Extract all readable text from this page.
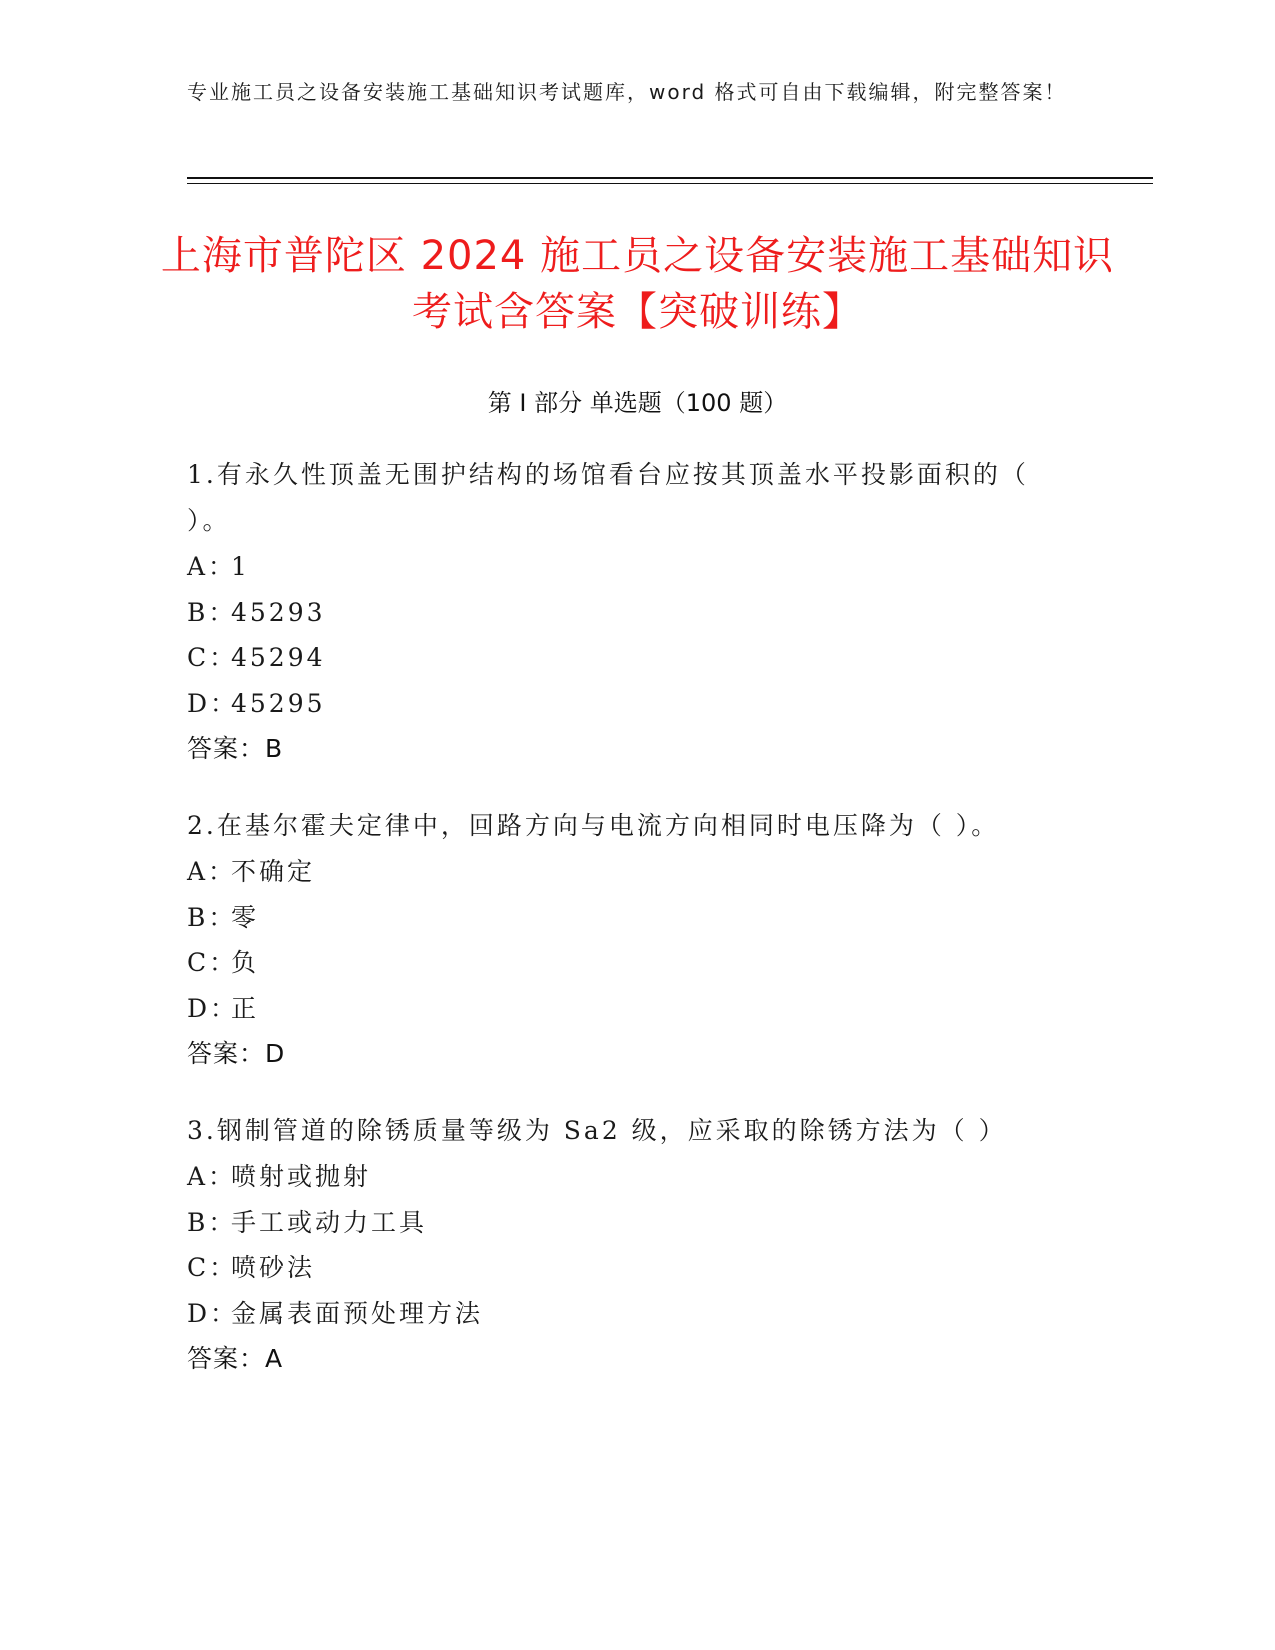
专业施工员之设备安装施工基础知识考试题库，word 格式可自由下载编辑，附完整答案！
上海市普陀区 2024 施工员之设备安装施工基础知识考试含答案【突破训练】
第 I 部分 单选题（100 题）
1.有永久性顶盖无围护结构的场馆看台应按其顶盖水平投影面积的（ ）。
A：1
B：45293
C：45294
D：45295
答案：B
2.在基尔霍夫定律中，回路方向与电流方向相同时电压降为（ ）。
A：不确定
B：零
C：负
D：正
答案：D
3.钢制管道的除锈质量等级为 Sa2 级，应采取的除锈方法为（ ）
A：喷射或抛射
B：手工或动力工具
C：喷砂法
D：金属表面预处理方法
答案：A
